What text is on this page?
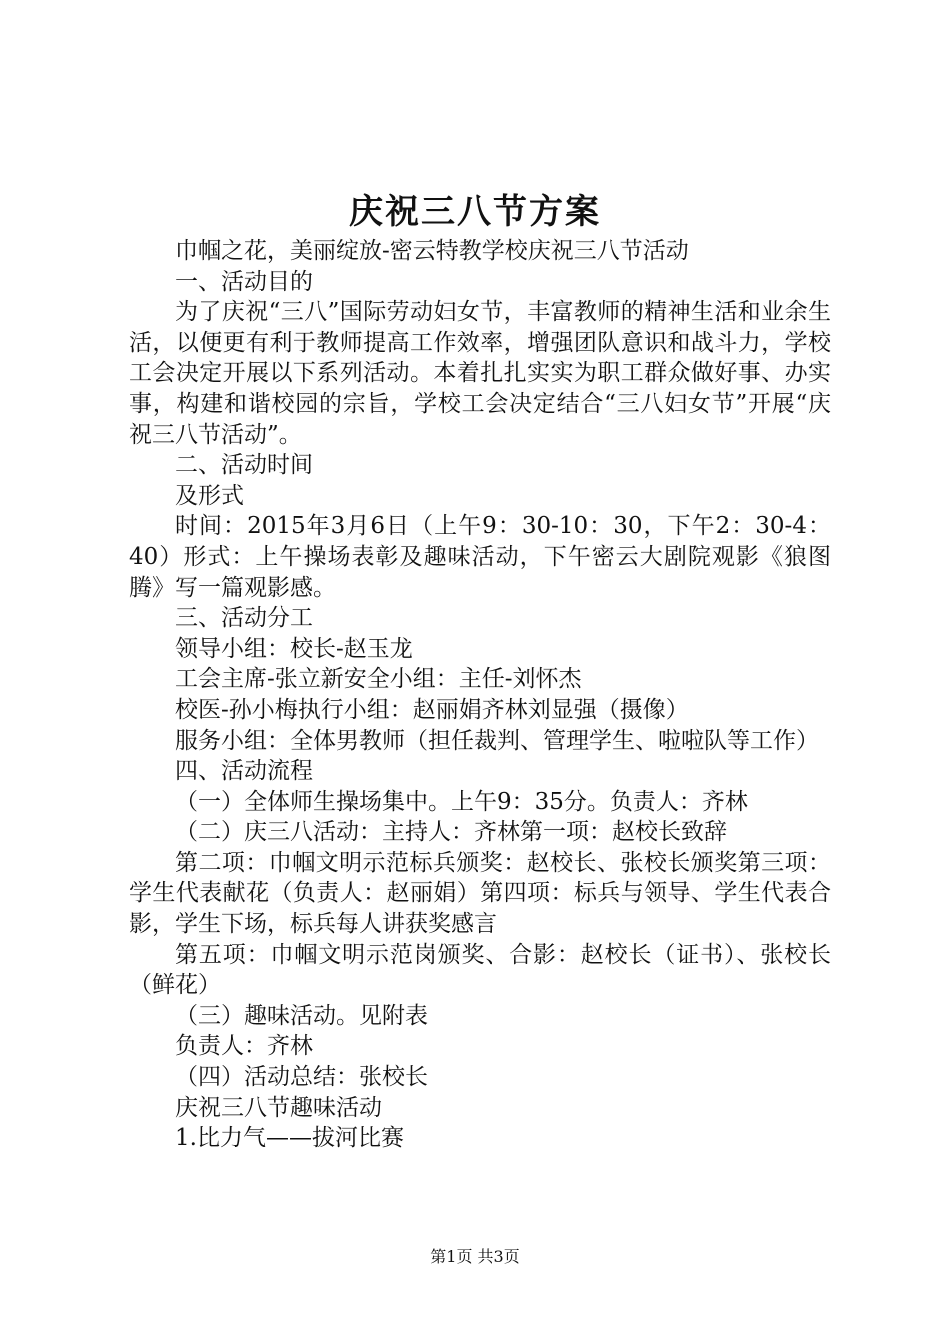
庆祝三八节方案

巾帼之花，美丽绽放-密云特教学校庆祝三八节活动

一、活动目的

为了庆祝“三八”国际劳动妇女节，丰富教师的精神生活和业余生活，以便更有利于教师提高工作效率，增强团队意识和战斗力，学校工会决定开展以下系列活动。本着扎扎实实为职工群众做好事、办实事，构建和谐校园的宗旨，学校工会决定结合“三八妇女节”开展“庆祝三八节活动”。

二、活动时间

及形式

时间：2015年3月6日（上午9：30-10：30，下午2：30-4：40）形式：上午操场表彰及趣味活动，下午密云大剧院观影《狼图腾》写一篇观影感。

三、活动分工

领导小组：校长-赵玉龙

工会主席-张立新安全小组：主任-刘怀杰

校医-孙小梅执行小组：赵丽娟齐林刘显强（摄像）

服务小组：全体男教师（担任裁判、管理学生、啦啦队等工作）

四、活动流程

（一）全体师生操场集中。上午9：35分。负责人：齐林

（二）庆三八活动：主持人：齐林第一项：赵校长致辞

第二项：巾帼文明示范标兵颁奖：赵校长、张校长颁奖第三项：学生代表献花（负责人：赵丽娟）第四项：标兵与领导、学生代表合影，学生下场，标兵每人讲获奖感言

第五项：巾帼文明示范岗颁奖、合影：赵校长（证书）、张校长（鲜花）

（三）趣味活动。见附表

负责人：齐林

（四）活动总结：张校长

庆祝三八节趣味活动

1.比力气——拔河比赛

第1页 共3页
